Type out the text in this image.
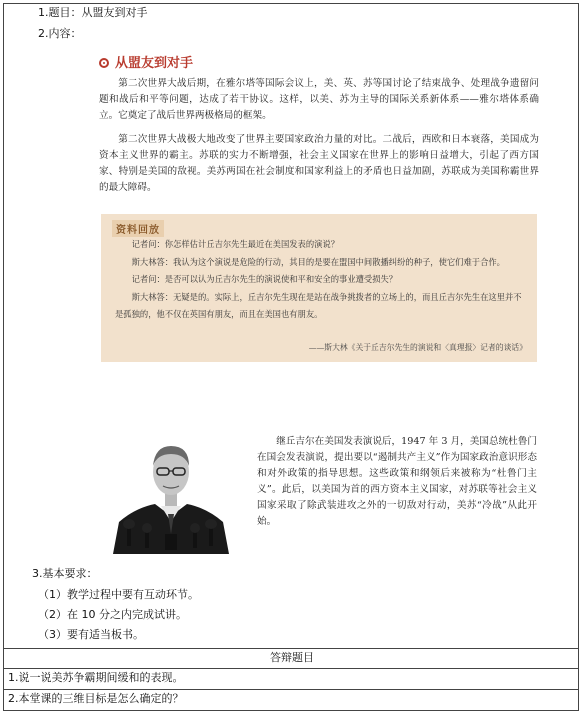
1.题目：从盟友到对手
2.内容：
从盟友到对手
第二次世界大战后期，在雅尔塔等国际会议上，美、英、苏等国讨论了结束战争、处理战争遗留问题和战后和平等问题，达成了若干协议。这样，以美、苏为主导的国际关系新体系——雅尔塔体系确立。它奠定了战后世界两极格局的框架。
第二次世界大战极大地改变了世界主要国家政治力量的对比。二战后，西欧和日本衰落，美国成为资本主义世界的霸主。苏联的实力不断增强，社会主义国家在世界上的影响日益增大，引起了西方国家、特别是美国的敌视。美苏两国在社会制度和国家利益上的矛盾也日益加剧，苏联成为美国称霸世界的最大障碍。
资料回放

记者问：你怎样估计丘吉尔先生最近在美国发表的演说？

斯大林答：我认为这个演说是危险的行动，其目的是要在盟国中间散播纠纷的种子，使它们难于合作。

记者问：是否可以认为丘吉尔先生的演说使和平和安全的事业遭受损失？

斯大林答：无疑是的。实际上，丘吉尔先生现在是站在战争挑拨者的立场上的，而且丘吉尔先生在这里并不是孤独的，他不仅在英国有朋友，而且在美国也有朋友。

——斯大林《关于丘吉尔先生的演说和〈真理报〉记者的谈话》
继丘吉尔在美国发表演说后，1947 年 3 月，美国总统杜鲁门在国会发表演说，提出要以“遏制共产主义”作为国家政治意识形态和对外政策的指导思想。这些政策和纲领后来被称为“杜鲁门主义”。此后，以美国为首的西方资本主义国家，对苏联等社会主义国家采取了除武装进攻之外的一切敌对行动，美苏“冷战”从此开始。
3.基本要求：
（1）教学过程中要有互动环节。
（2）在 10 分之内完成试讲。
（3）要有适当板书。
答辩题目
1.说一说美苏争霸期间缓和的表现。
2.本堂课的三维目标是怎么确定的？
